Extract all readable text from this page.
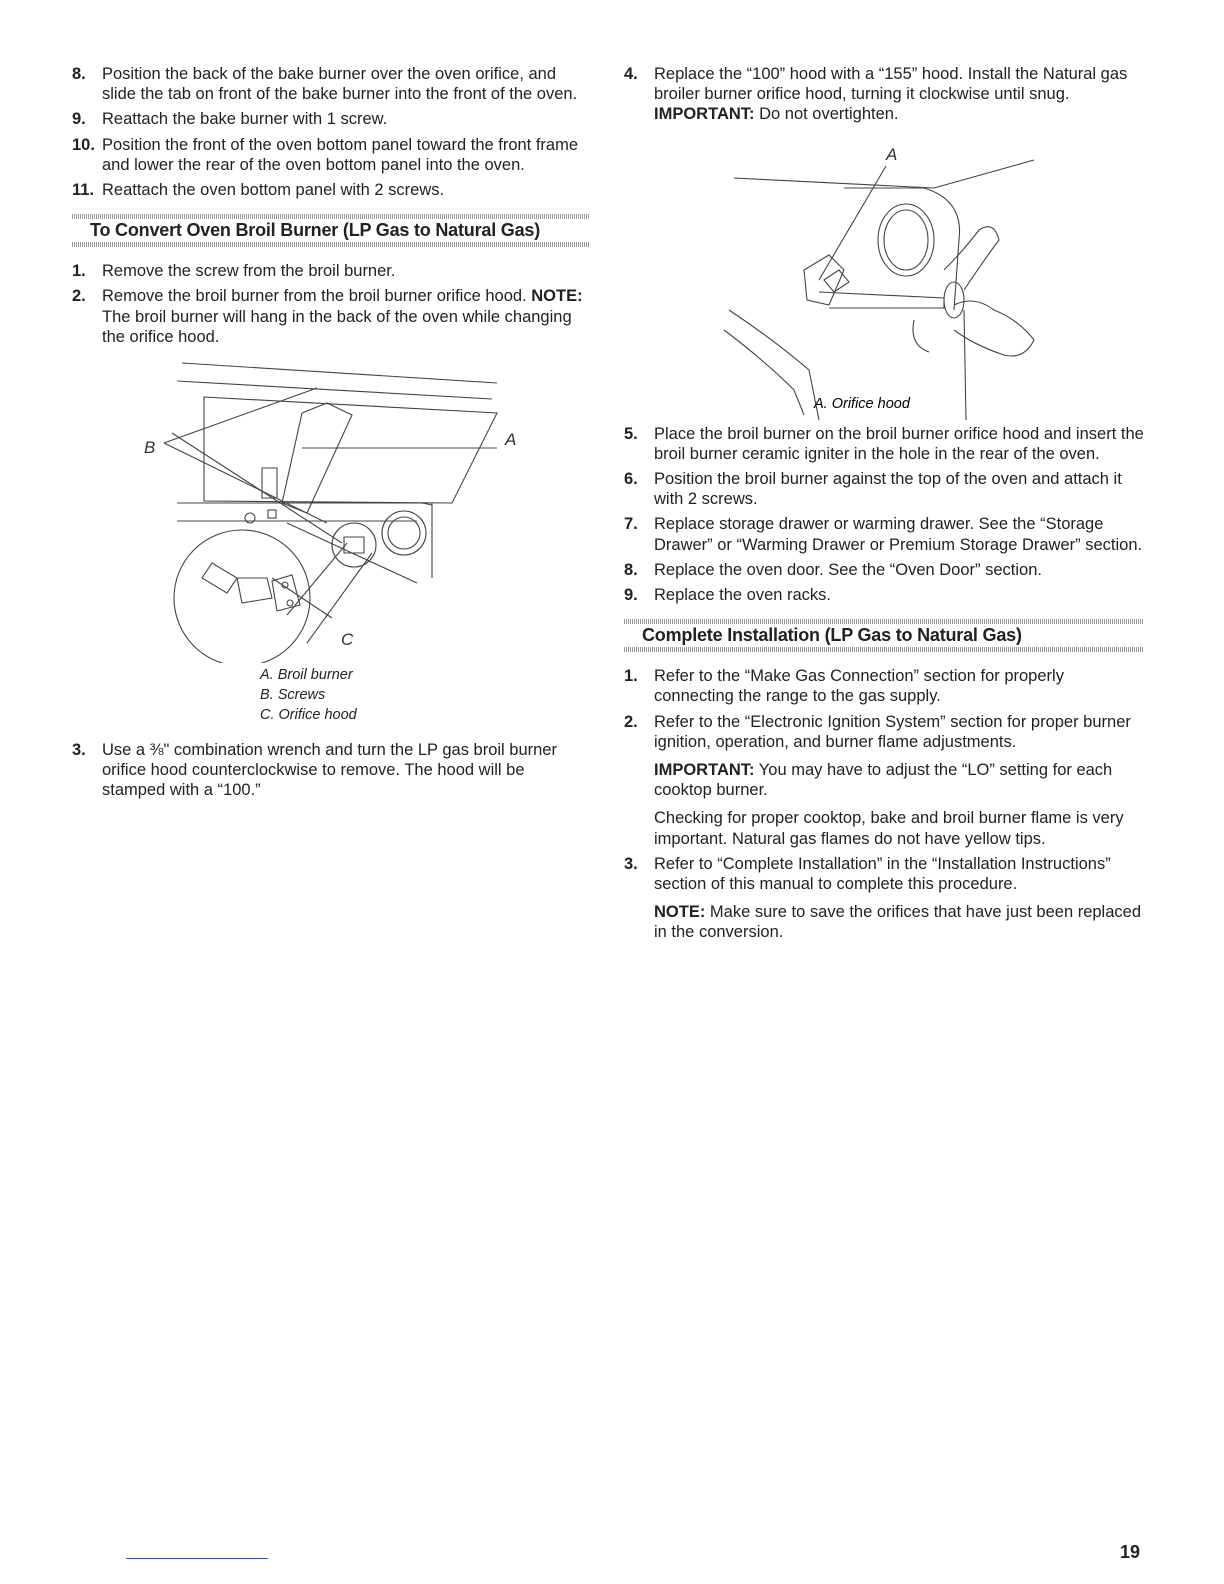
8. Position the back of the bake burner over the oven orifice, and slide the tab on front of the bake burner into the front of the oven.

9. Reattach the bake burner with 1 screw.

10. Position the front of the oven bottom panel toward the front frame and lower the rear of the oven bottom panel into the oven.

11. Reattach the oven bottom panel with 2 screws.

To Convert Oven Broil Burner (LP Gas to Natural Gas)
1. Remove the screw from the broil burner.

2. Remove the broil burner from the broil burner orifice hood. NOTE: The broil burner will hang in the back of the oven while changing the orifice hood.

B	A
C
A. Broil burner
B. Screws
C. Orifice hood
3. Use a ⅜" combination wrench and turn the LP gas broil burner orifice hood counterclockwise to remove. The hood will be stamped with a “100.”

4. Replace the “100” hood with a “155” hood. Install the Natural gas broiler burner orifice hood, turning it clockwise until snug. IMPORTANT: Do not overtighten.

A
A. Orifice hood
5. Place the broil burner on the broil burner orifice hood and insert the broil burner ceramic igniter in the hole in the rear of the oven.

6. Position the broil burner against the top of the oven and attach it with 2 screws.

7. Replace storage drawer or warming drawer. See the “Storage Drawer” or “Warming Drawer or Premium Storage Drawer” section.

8. Replace the oven door. See the “Oven Door” section.

9. Replace the oven racks.

Complete Installation (LP Gas to Natural Gas)
1. Refer to the “Make Gas Connection” section for properly connecting the range to the gas supply.

2. Refer to the “Electronic Ignition System” section for proper burner ignition, operation, and burner flame adjustments.

IMPORTANT: You may have to adjust the “LO” setting for each cooktop burner.

Checking for proper cooktop, bake and broil burner flame is very important. Natural gas flames do not have yellow tips.

3. Refer to “Complete Installation” in the “Installation Instructions” section of this manual to complete this procedure.

NOTE: Make sure to save the orifices that have just been replaced in the conversion.

19
